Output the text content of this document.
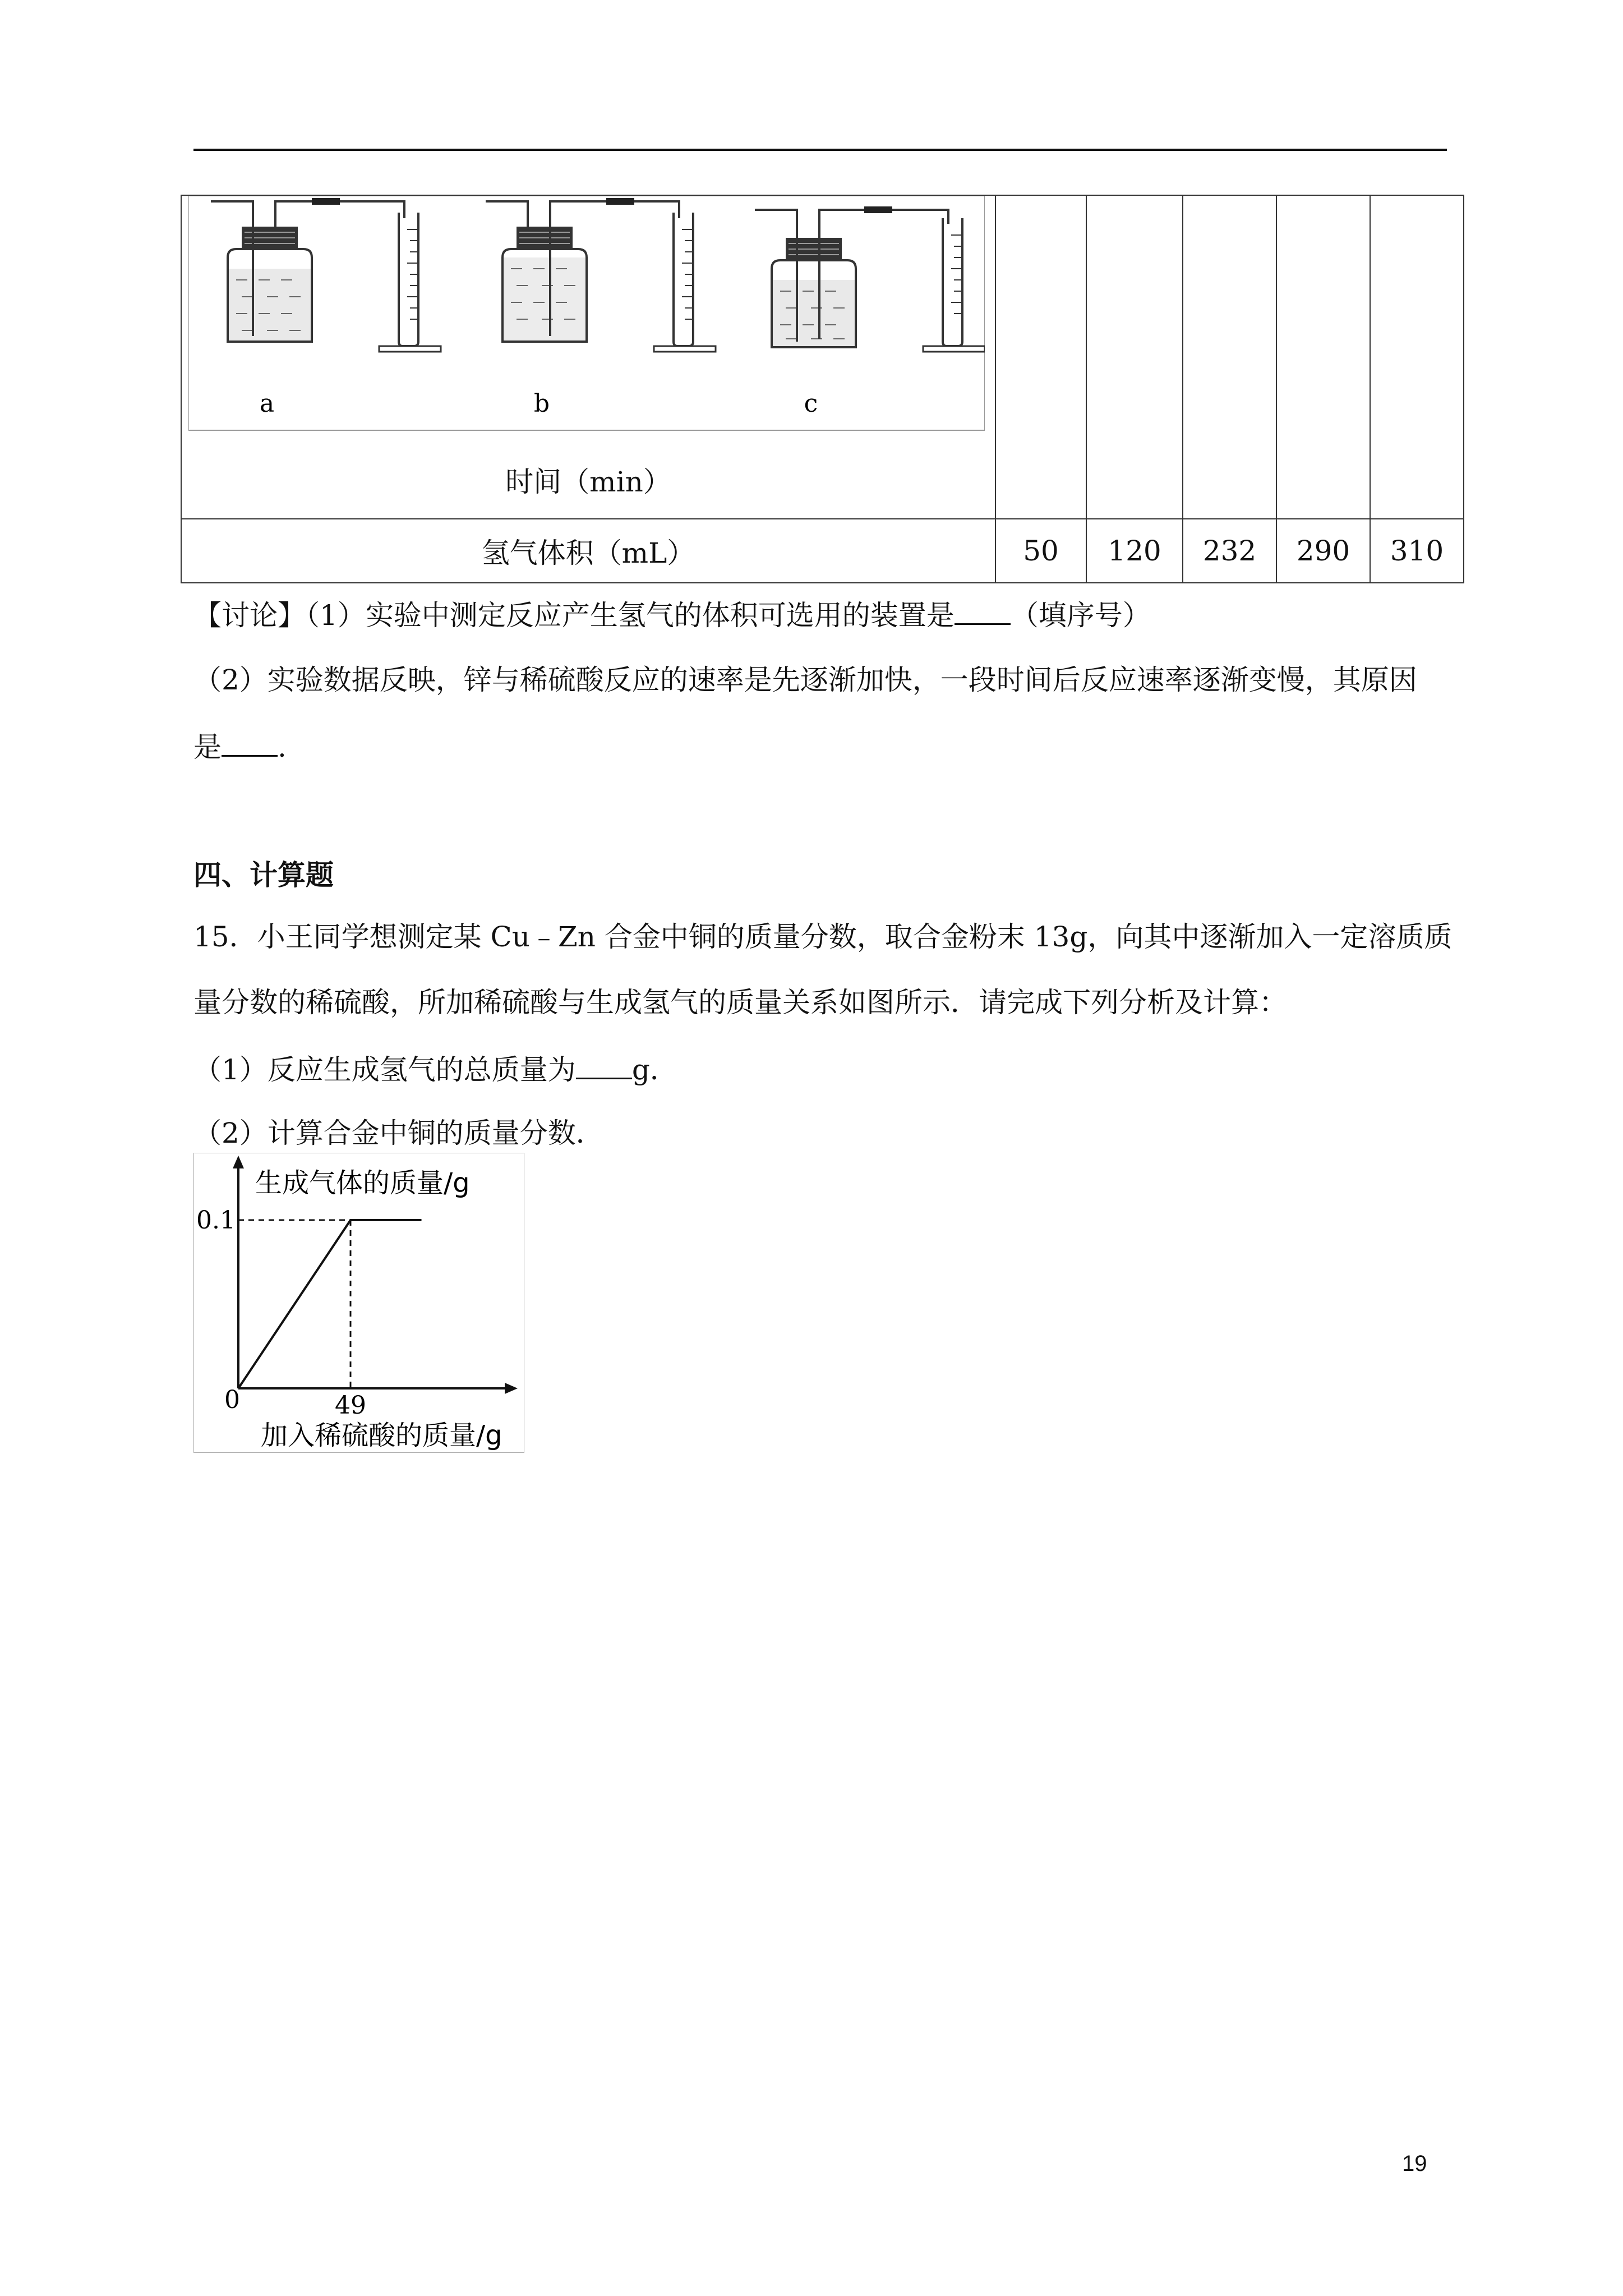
a b c
时间（min）					

氢气体积（mL）	50	120	232	290	310
【讨论】（1）实验中测定反应产生氢气的体积可选用的装置是 （填序号）
（2）实验数据反映，锌与稀硫酸反应的速率是先逐渐加快，一段时间后反应速率逐渐变慢，其原因
是 .
四、计算题
15．小王同学想测定某 Cu﹣Zn 合金中铜的质量分数，取合金粉末 13g，向其中逐渐加入一定溶质质
量分数的稀硫酸，所加稀硫酸与生成氢气的质量关系如图所示．请完成下列分析及计算：
（1）反应生成氢气的总质量为 g．
（2）计算合金中铜的质量分数．
生成气体的质量/g
加入稀硫酸的质量/g
0	49
0.1
19
